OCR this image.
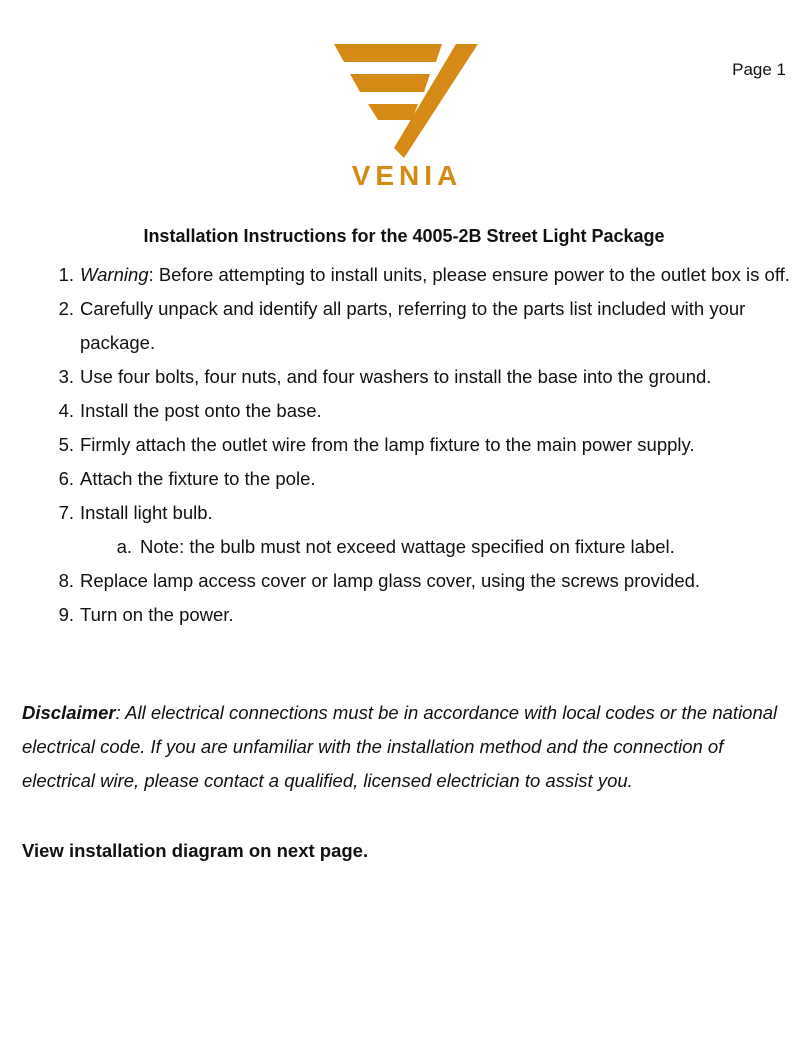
Page 1
VENIA
Installation Instructions for the 4005-2B Street Light Package
1. Warning: Before attempting to install units, please ensure power to the outlet box is off.
2. Carefully unpack and identify all parts, referring to the parts list included with your package.
3. Use four bolts, four nuts, and four washers to install the base into the ground.
4. Install the post onto the base.
5. Firmly attach the outlet wire from the lamp fixture to the main power supply.
6. Attach the fixture to the pole.
7. Install light bulb.
a. Note: the bulb must not exceed wattage specified on fixture label.
8. Replace lamp access cover or lamp glass cover, using the screws provided.
9. Turn on the power.
Disclaimer: All electrical connections must be in accordance with local codes or the national electrical code. If you are unfamiliar with the installation method and the connection of electrical wire, please contact a qualified, licensed electrician to assist you.
View installation diagram on next page.
